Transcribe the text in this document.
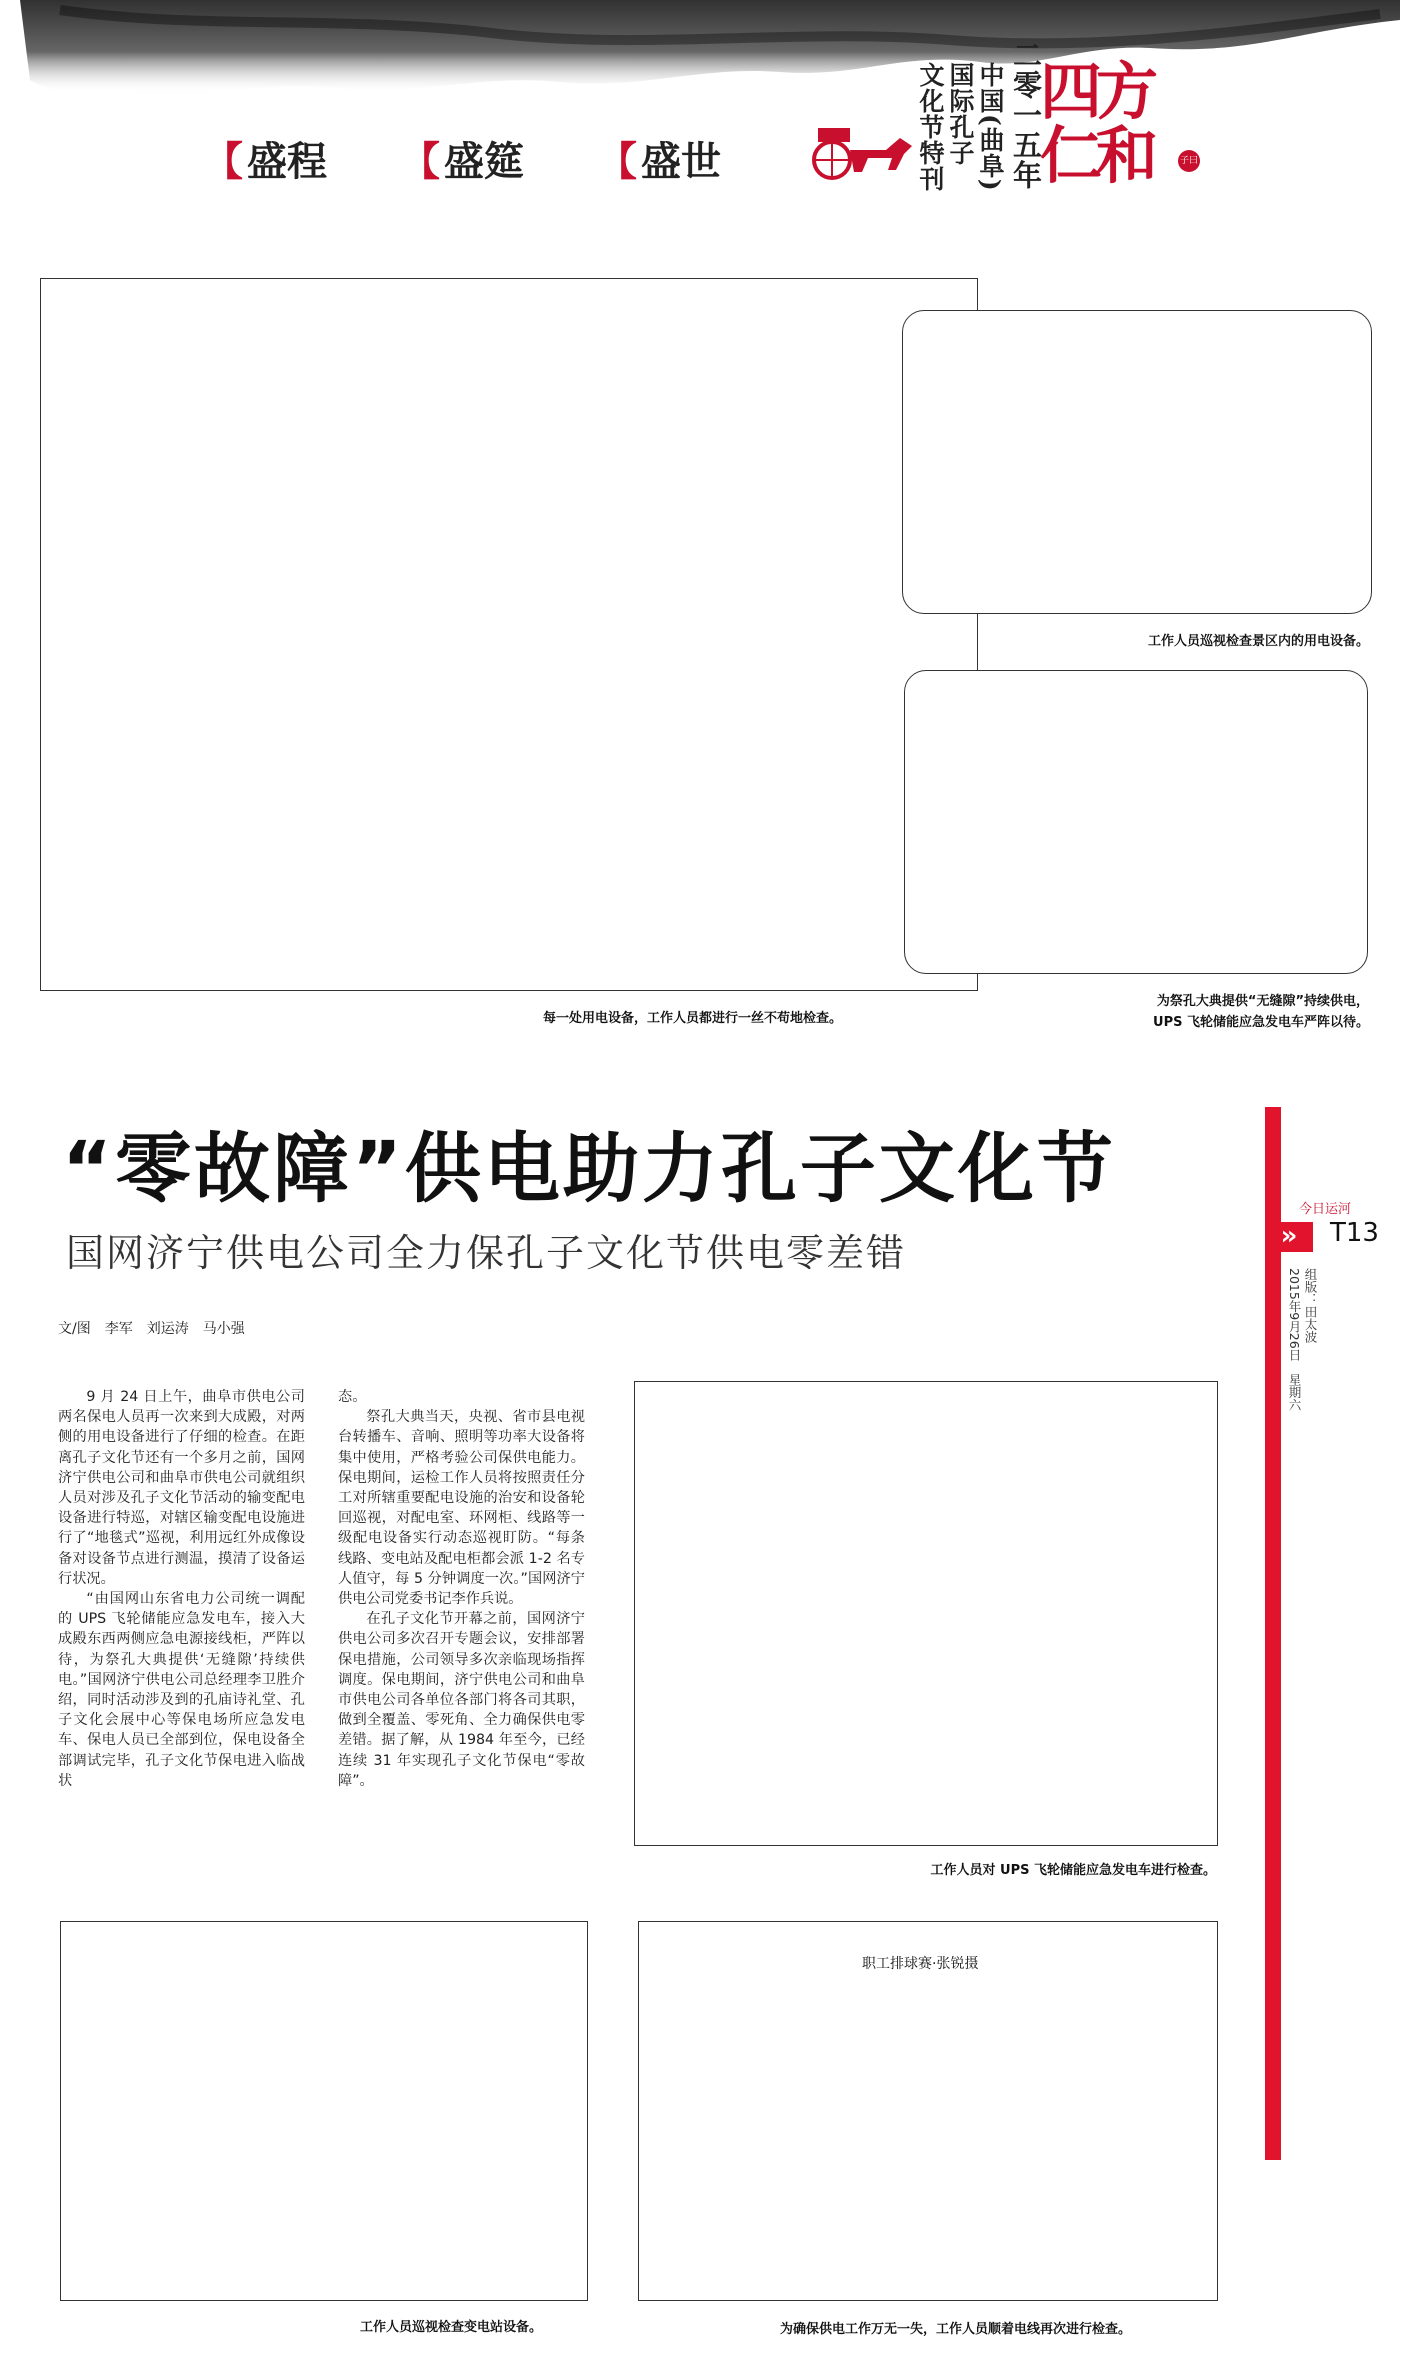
【 盛程 【 盛筵 【 盛世	文化节特刊 国际孔子 中国(曲阜) 二零一五年
四方仁和	子曰
工作人员巡视检查景区内的用电设备。
每一处用电设备，工作人员都进行一丝不苟地检查。
为祭孔大典提供“无缝隙”持续供电，
UPS 飞轮储能应急发电车严阵以待。
“零故障”供电助力孔子文化节
国网济宁供电公司全力保孔子文化节供电零差错
文/图　李军　刘运涛　马小强

9 月 24 日上午，曲阜市供电公司两名保电人员再一次来到大成殿，对两侧的用电设备进行了仔细的检查。在距离孔子文化节还有一个多月之前，国网济宁供电公司和曲阜市供电公司就组织人员对涉及孔子文化节活动的输变配电设备进行特巡，对辖区输变配电设施进行了“地毯式”巡视，利用远红外成像设备对设备节点进行测温，摸清了设备运行状况。

“由国网山东省电力公司统一调配的 UPS 飞轮储能应急发电车，接入大成殿东西两侧应急电源接线柜，严阵以待，为祭孔大典提供‘无缝隙’持续供电。”国网济宁供电公司总经理李卫胜介绍，同时活动涉及到的孔庙诗礼堂、孔子文化会展中心等保电场所应急发电车、保电人员已全部到位，保电设备全部调试完毕，孔子文化节保电进入临战状

态。

祭孔大典当天，央视、省市县电视台转播车、音响、照明等功率大设备将集中使用，严格考验公司保供电能力。保电期间，运检工作人员将按照责任分工对所辖重要配电设施的治安和设备轮回巡视，对配电室、环网柜、线路等一级配电设备实行动态巡视盯防。“每条线路、变电站及配电柜都会派 1-2 名专人值守，每 5 分钟调度一次。”国网济宁供电公司党委书记李作兵说。

在孔子文化节开幕之前，国网济宁供电公司多次召开专题会议，安排部署保电措施，公司领导多次亲临现场指挥调度。保电期间，济宁供电公司和曲阜市供电公司各单位各部门将各司其职，做到全覆盖、零死角、全力确保供电零差错。据了解，从 1984 年至今，已经连续 31 年实现孔子文化节保电“零故障”。

工作人员对 UPS 飞轮储能应急发电车进行检查。
职工排球赛·张锐摄
工作人员巡视检查变电站设备。	为确保供电工作万无一失，工作人员顺着电线再次进行检查。
今日运河
»	T13
组版：田太波
2015年9月26日　星期六
